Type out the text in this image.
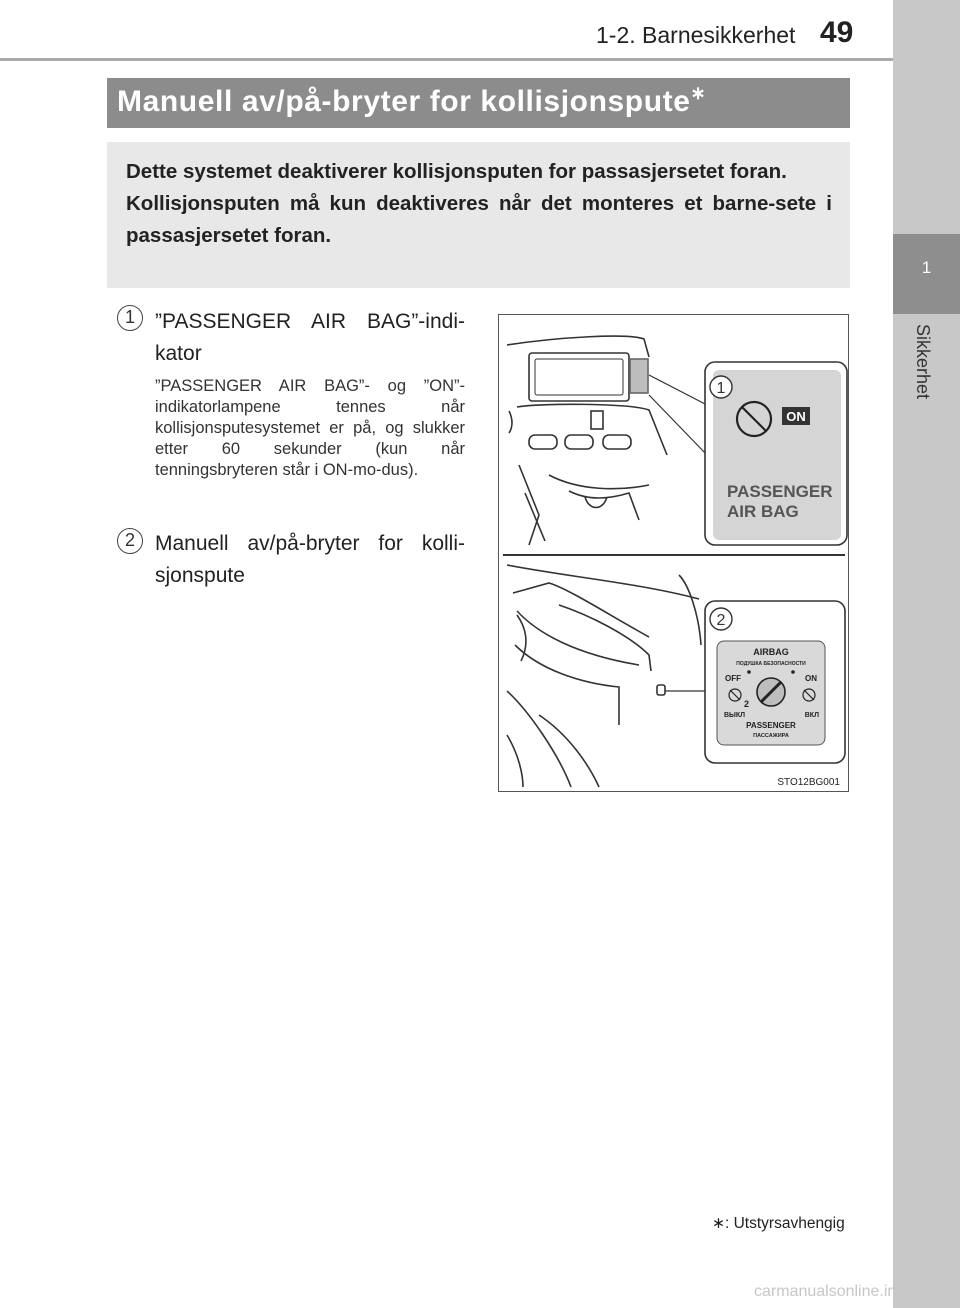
1-2. Barnesikkerhet 49
1
Sikkerhet
Manuell av/på-bryter for kollisjonspute∗
Dette systemet deaktiverer kollisjonsputen for passasjersetet foran.
Kollisjonsputen må kun deaktiveres når det monteres et barne-sete i passasjersetet foran.
1 ”PASSENGER AIR BAG”-indi-kator
”PASSENGER AIR BAG”- og ”ON”-indikatorlampene tennes når kollisjonsputesystemet er på, og slukker etter 60 sekunder (kun når tenningsbryteren står i ON-mo-dus).
2 Manuell av/på-bryter for kolli-sjonspute
1
ON
PASSENGER
AIR BAG
2
AIRBAG
ПОДУШКА БЕЗОПАСНОСТИ
OFF	ON
2
ВЫКЛ	ВКЛ
PASSENGER
ПАССАЖИРА
STO12BG001
∗: Utstyrsavhengig
carmanualsonline.info
